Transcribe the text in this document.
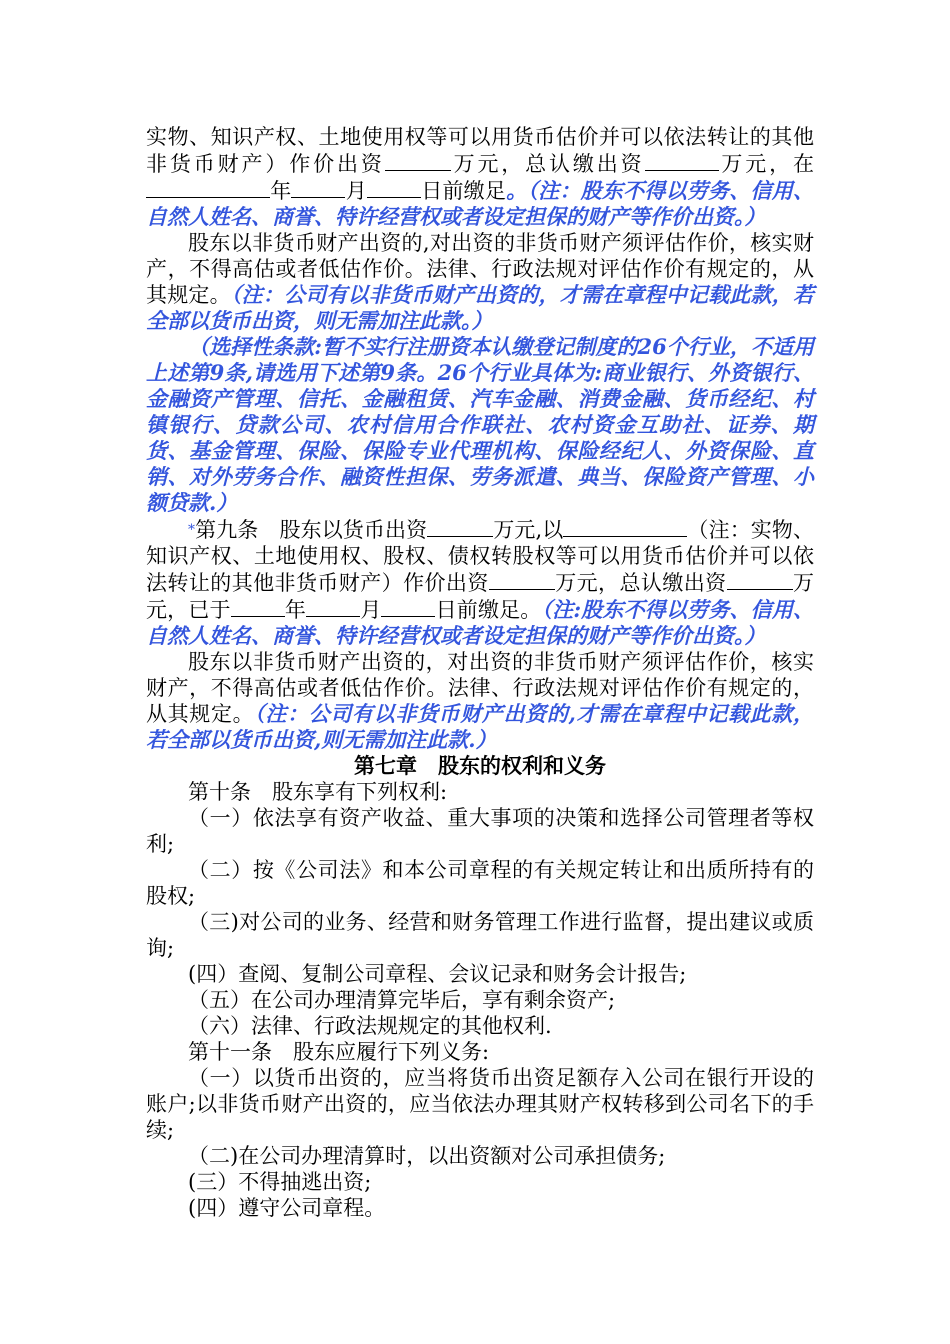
实物、知识产权、土地使用权等可以用货币估价并可以依法转让的其他非货币财产）作价出资	万元，总认缴出资	万元，在年	月	日前缴足。（注：股东不得以劳务、信用、自然人姓名、商誉、特许经营权或者设定担保的财产等作价出资。）

股东以非货币财产出资的,对出资的非货币财产须评估作价，核实财产，不得高估或者低估作价。法律、行政法规对评估作价有规定的，从其规定。（注：公司有以非货币财产出资的，才需在章程中记载此款，若全部以货币出资，则无需加注此款。）

（选择性条款:暂不实行注册资本认缴登记制度的26个行业，不适用上述第9条,请选用下述第9条。26个行业具体为:商业银行、外资银行、金融资产管理、信托、金融租赁、汽车金融、消费金融、货币经纪、村镇银行、贷款公司、农村信用合作联社、农村资金互助社、证券、期货、基金管理、保险、保险专业代理机构、保险经纪人、外资保险、直销、对外劳务合作、融资性担保、劳务派遣、典当、保险资产管理、小额贷款.）

*第九条　股东以货币出资	万元,以	（注：实物、知识产权、土地使用权、股权、债权转股权等可以用货币估价并可以依法转让的其他非货币财产）作价出资	万元，总认缴出资	万元，已于	年	月	日前缴足。（注:股东不得以劳务、信用、自然人姓名、商誉、特许经营权或者设定担保的财产等作价出资。）

股东以非货币财产出资的，对出资的非货币财产须评估作价，核实财产，不得高估或者低估作价。法律、行政法规对评估作价有规定的，从其规定。（注：公司有以非货币财产出资的,才需在章程中记载此款，若全部以货币出资,则无需加注此款.）

第七章　股东的权利和义务

第十条　股东享有下列权利:

（一）依法享有资产收益、重大事项的决策和选择公司管理者等权利;

（二）按《公司法》和本公司章程的有关规定转让和出质所持有的股权;

（三)对公司的业务、经营和财务管理工作进行监督，提出建议或质询;

(四）查阅、复制公司章程、会议记录和财务会计报告;

（五）在公司办理清算完毕后，享有剩余资产;

（六）法律、行政法规规定的其他权利.

第十一条　股东应履行下列义务:

（一）以货币出资的，应当将货币出资足额存入公司在银行开设的账户;以非货币财产出资的，应当依法办理其财产权转移到公司名下的手续;

（二)在公司办理清算时，以出资额对公司承担债务;

(三）不得抽逃出资;

(四）遵守公司章程。
